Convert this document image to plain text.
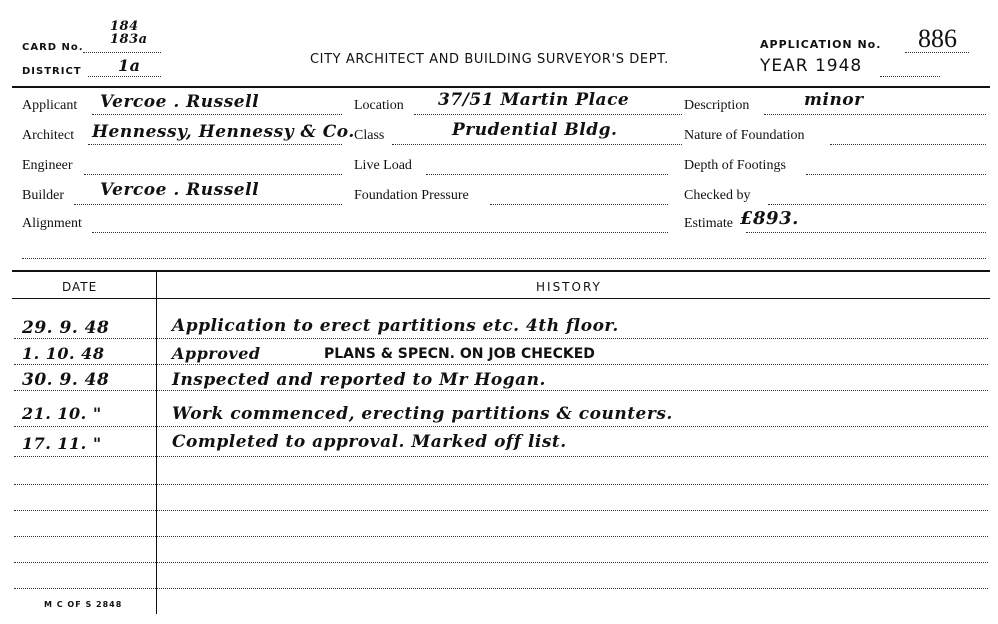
CARD No.
184
183a
DISTRICT 1a	CITY ARCHITECT AND BUILDING SURVEYOR'S DEPT.
APPLICATION No. 886
YEAR 1948
Applicant Vercoe . Russell
Architect Hennessy, Hennessy & Co.
Engineer
Builder Vercoe . Russell
Alignment
Location 37/51 Martin Place
Class	Prudential Bldg.
Live Load
Foundation Pressure
Description	minor
Nature of Foundation
Depth of Footings
Checked by
Estimate £893.
DATE	HISTORY
29. 9. 48	Application to erect partitions etc. 4th floor.
1. 10. 48	Approved	PLANS & SPECN. ON JOB CHECKED
30. 9. 48	Inspected and reported to Mr Hogan.
21. 10. "	Work commenced, erecting partitions & counters.
17. 11. "	Completed to approval. Marked off list.
M C OF S 2848
